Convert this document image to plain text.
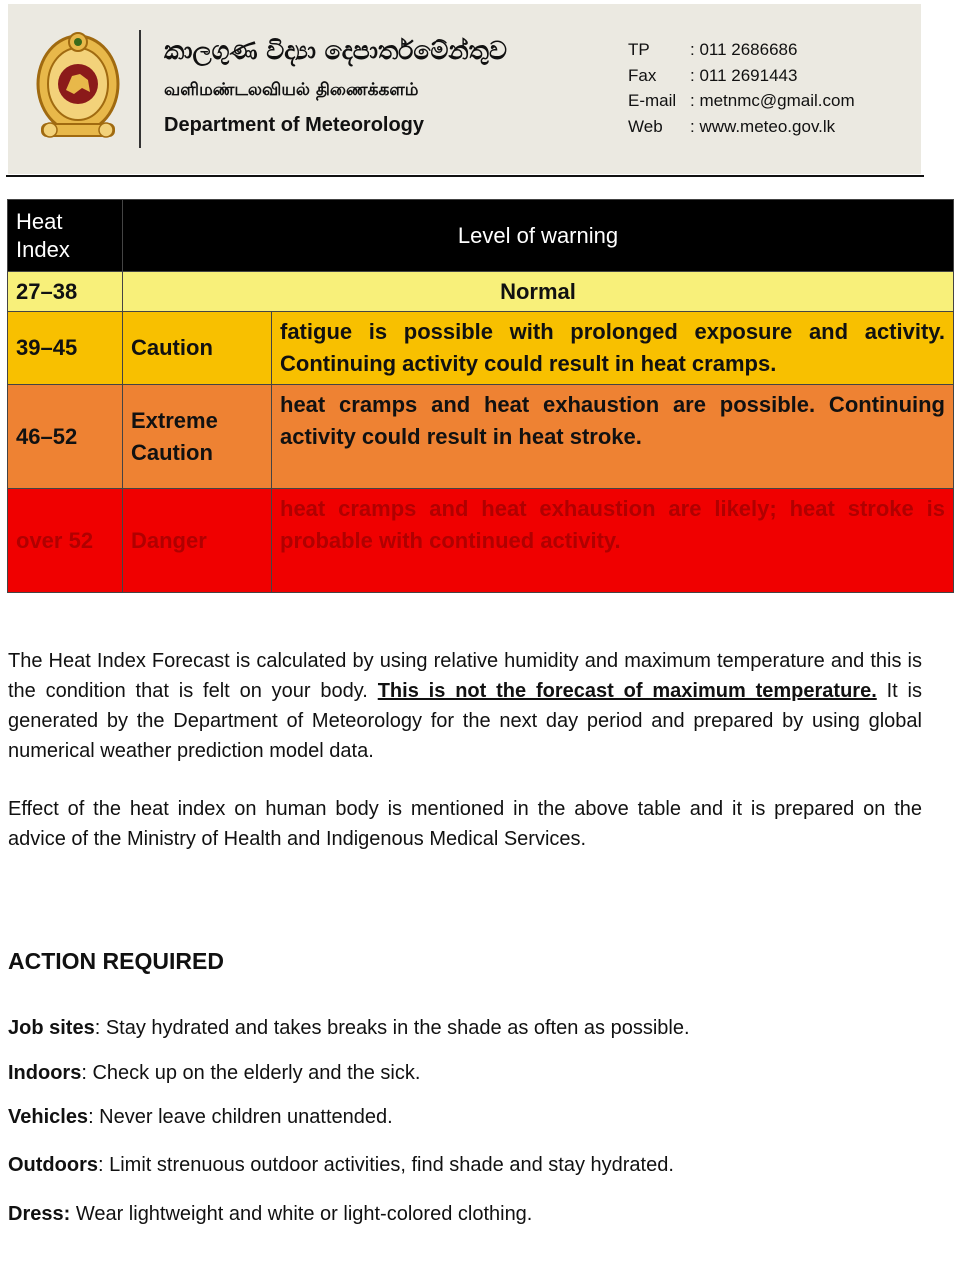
කාලගුණ විද්‍යා දෙපාර්තමේන්තුව
வளிமண்டலவியல் திணைக்களம்
Department of Meteorology
TP	: 011 2686686
Fax	: 011 2691443
E-mail : metnmc@gmail.com
Web	: www.meteo.gov.lk
Heat Index	Level of warning	
27–38	Normal	
39–45	Caution	fatigue is possible with prolonged exposure and activity. Continuing activity could result in heat cramps.
46–52	Extreme Caution	heat cramps and heat exhaustion are possible. Continuing activity could result in heat stroke.
over 52	Danger	heat cramps and heat exhaustion are likely; heat stroke is probable with continued activity.
The Heat Index Forecast is calculated by using relative humidity and maximum temperature and this is the condition that is felt on your body. This is not the forecast of maximum temperature. It is generated by the Department of Meteorology for the next day period and prepared by using global numerical weather prediction model data.
Effect of the heat index on human body is mentioned in the above table and it is prepared on the advice of the Ministry of Health and Indigenous Medical Services.
ACTION REQUIRED
Job sites: Stay hydrated and takes breaks in the shade as often as possible.
Indoors: Check up on the elderly and the sick.
Vehicles: Never leave children unattended.
Outdoors: Limit strenuous outdoor activities, find shade and stay hydrated.
Dress: Wear lightweight and white or light-colored clothing.
